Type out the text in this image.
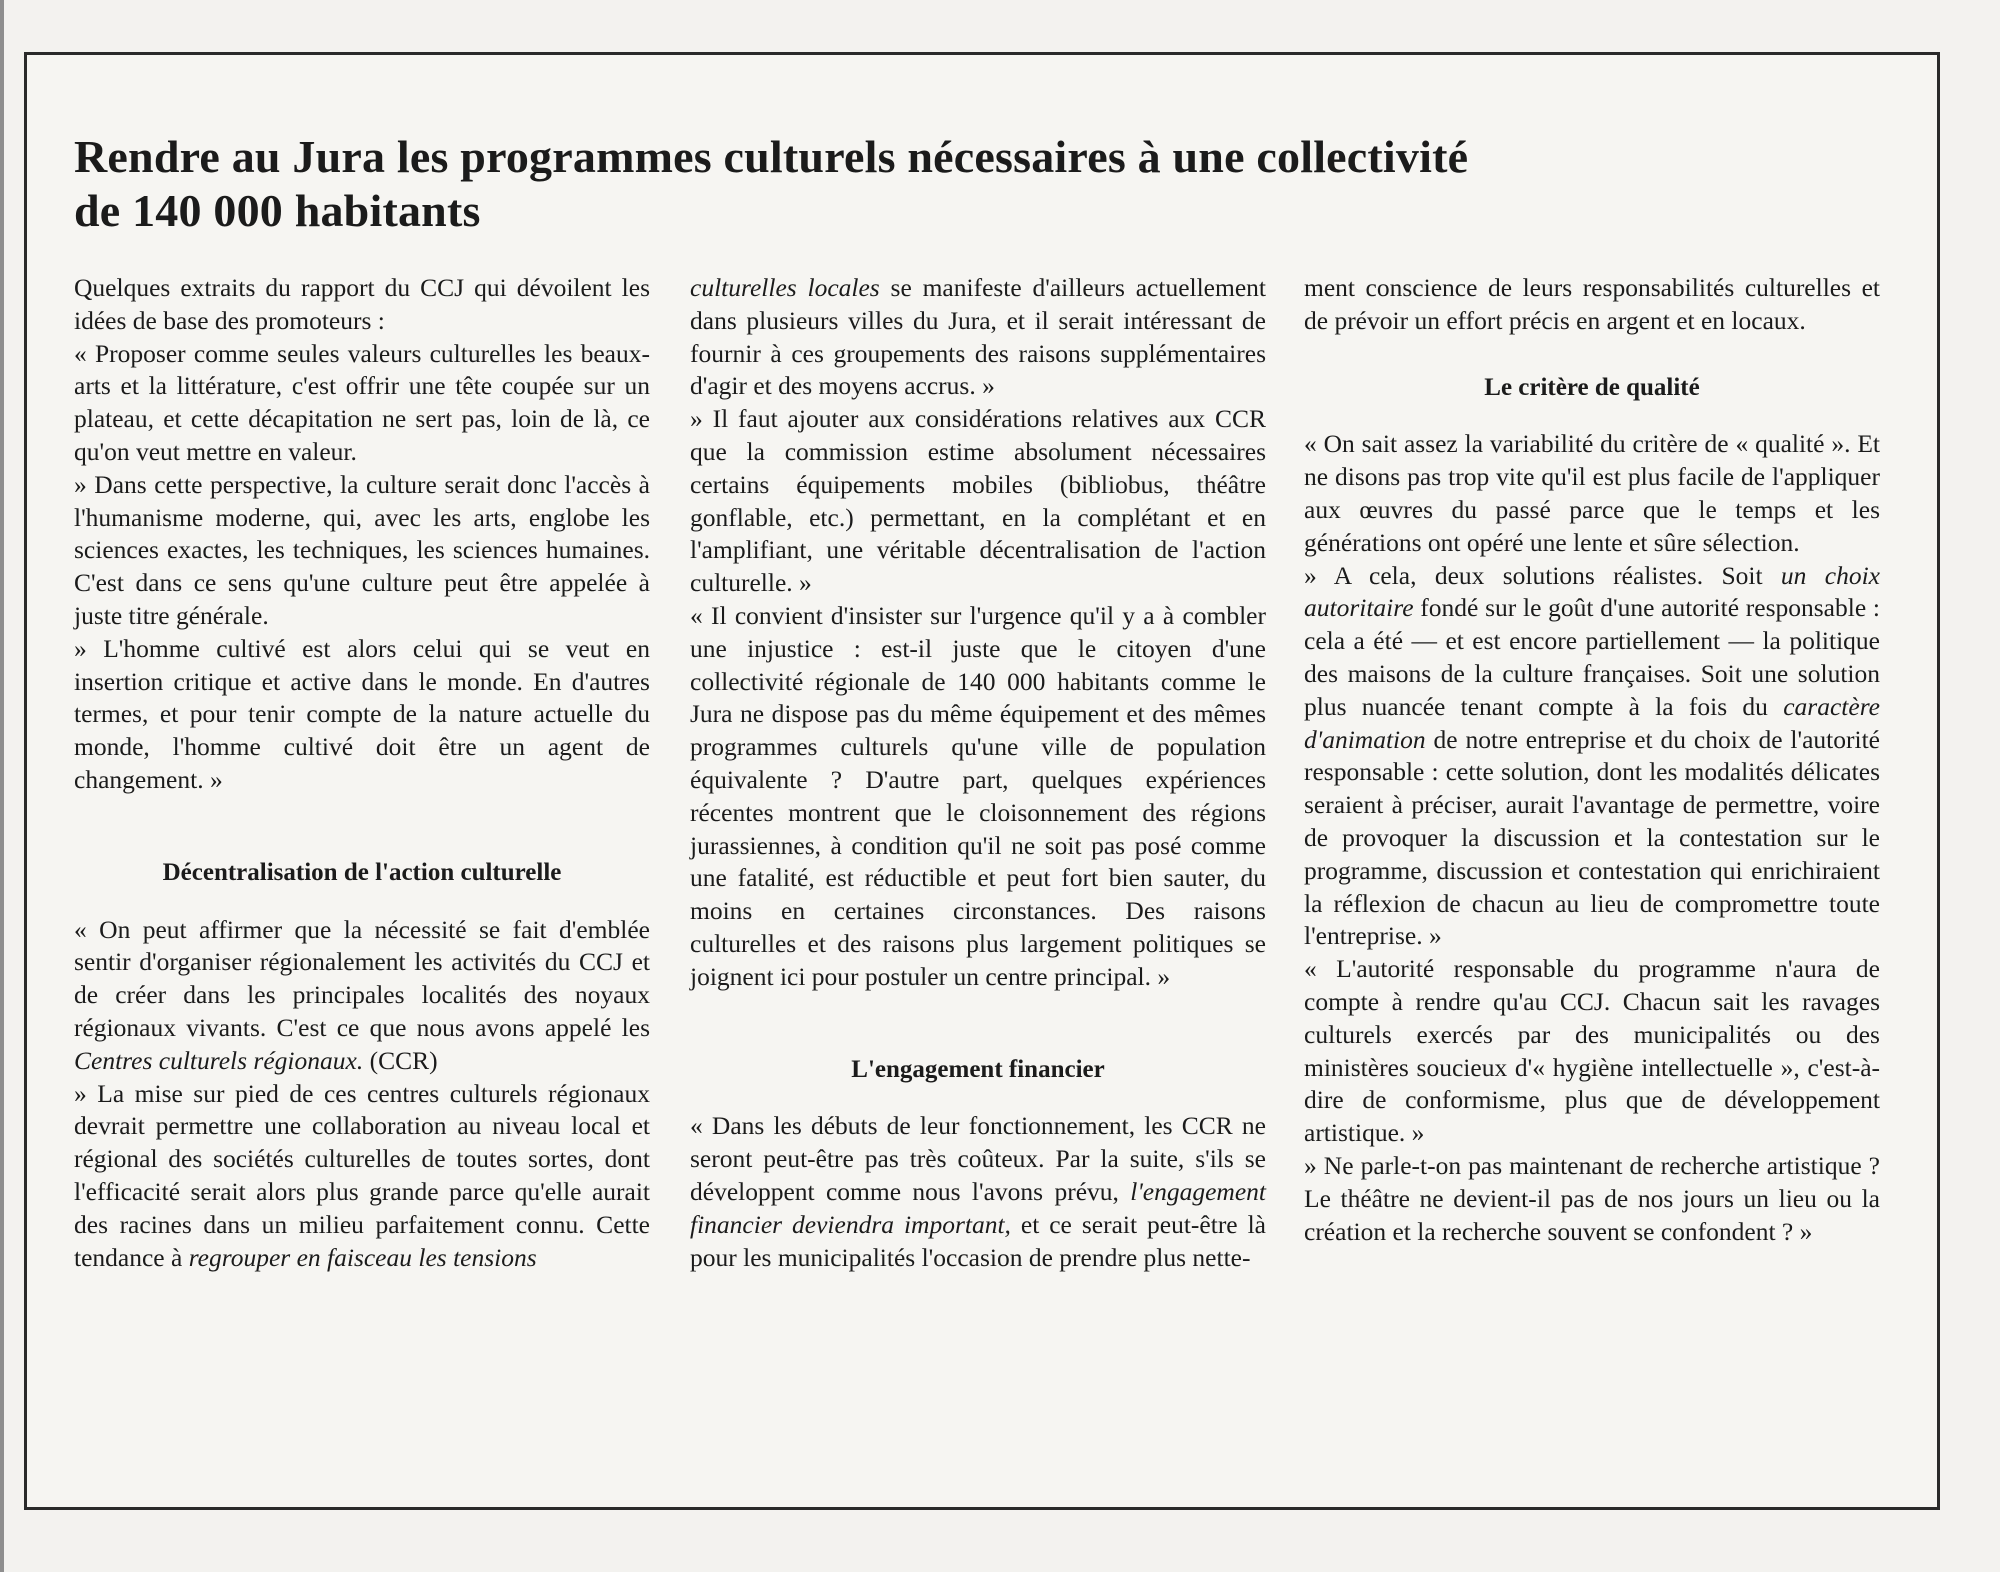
Rendre au Jura les programmes culturels nécessaires à une collectivité
de 140 000 habitants

Quelques extraits du rapport du CCJ qui dévoilent les idées de base des promoteurs :

« Proposer comme seules valeurs culturelles les beaux-arts et la littérature, c'est offrir une tête coupée sur un plateau, et cette décapitation ne sert pas, loin de là, ce qu'on veut mettre en valeur.

» Dans cette perspective, la culture serait donc l'accès à l'humanisme moderne, qui, avec les arts, englobe les sciences exactes, les techniques, les sciences humaines. C'est dans ce sens qu'une culture peut être appelée à juste titre générale.

» L'homme cultivé est alors celui qui se veut en insertion critique et active dans le monde. En d'autres termes, et pour tenir compte de la nature actuelle du monde, l'homme cultivé doit être un agent de changement. »

Décentralisation de l'action culturelle

« On peut affirmer que la nécessité se fait d'emblée sentir d'organiser régionalement les activités du CCJ et de créer dans les principales localités des noyaux régionaux vivants. C'est ce que nous avons appelé les Centres culturels régionaux. (CCR)

» La mise sur pied de ces centres culturels régionaux devrait permettre une collaboration au niveau local et régional des sociétés culturelles de toutes sortes, dont l'efficacité serait alors plus grande parce qu'elle aurait des racines dans un milieu parfaitement connu. Cette tendance à regrouper en faisceau les tensions

culturelles locales se manifeste d'ailleurs actuellement dans plusieurs villes du Jura, et il serait intéressant de fournir à ces groupements des raisons supplémentaires d'agir et des moyens accrus. »

» Il faut ajouter aux considérations relatives aux CCR que la commission estime absolument nécessaires certains équipements mobiles (bibliobus, théâtre gonflable, etc.) permettant, en la complétant et en l'amplifiant, une véritable décentralisation de l'action culturelle. »

« Il convient d'insister sur l'urgence qu'il y a à combler une injustice : est-il juste que le citoyen d'une collectivité régionale de 140 000 habitants comme le Jura ne dispose pas du même équipement et des mêmes programmes culturels qu'une ville de population équivalente ? D'autre part, quelques expériences récentes montrent que le cloisonnement des régions jurassiennes, à condition qu'il ne soit pas posé comme une fatalité, est réductible et peut fort bien sauter, du moins en certaines circonstances. Des raisons culturelles et des raisons plus largement politiques se joignent ici pour postuler un centre principal. »

L'engagement financier

« Dans les débuts de leur fonctionnement, les CCR ne seront peut-être pas très coûteux. Par la suite, s'ils se développent comme nous l'avons prévu, l'engagement financier deviendra important, et ce serait peut-être là pour les municipalités l'occasion de prendre plus nette-

ment conscience de leurs responsabilités culturelles et de prévoir un effort précis en argent et en locaux.

Le critère de qualité

« On sait assez la variabilité du critère de « qualité ». Et ne disons pas trop vite qu'il est plus facile de l'appliquer aux œuvres du passé parce que le temps et les générations ont opéré une lente et sûre sélection.

» A cela, deux solutions réalistes. Soit un choix autoritaire fondé sur le goût d'une autorité responsable : cela a été — et est encore partiellement — la politique des maisons de la culture françaises. Soit une solution plus nuancée tenant compte à la fois du caractère d'animation de notre entreprise et du choix de l'autorité responsable : cette solution, dont les modalités délicates seraient à préciser, aurait l'avantage de permettre, voire de provoquer la discussion et la contestation sur le programme, discussion et contestation qui enrichiraient la réflexion de chacun au lieu de compromettre toute l'entreprise. »

« L'autorité responsable du programme n'aura de compte à rendre qu'au CCJ. Chacun sait les ravages culturels exercés par des municipalités ou des ministères soucieux d'« hygiène intellectuelle », c'est-à-dire de conformisme, plus que de développement artistique. »

» Ne parle-t-on pas maintenant de recherche artistique ? Le théâtre ne devient-il pas de nos jours un lieu ou la création et la recherche souvent se confondent ? »
